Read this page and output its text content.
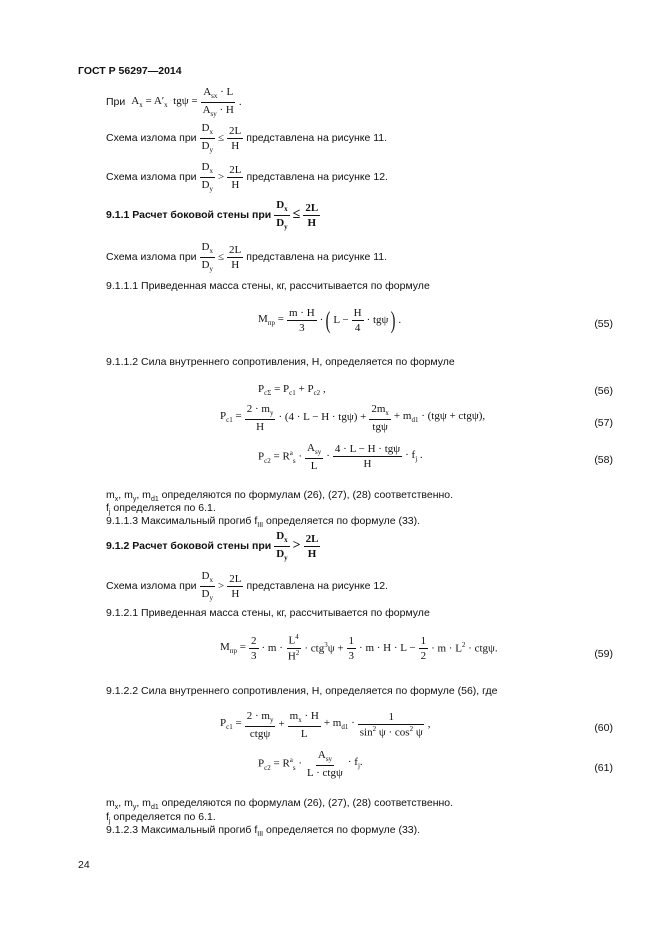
ГОСТ Р 56297—2014
При $A_x = A'_x$  tgψ =
$A_{sx} \cdot L$
$A_{sy} \cdot H$
.
Схема излома при $\frac{D_x}{D_y} \le \frac{2L}{H}$ представлена на рисунке 11.
Схема излома при
$D_x$
$D_y$
>
2L
H
представлена на рисунке 12.
9.1.1 Расчет боковой стены при $\frac{D_x}{D_y} \le \frac{2L}{H}$
Схема излома при $\frac{D_x}{D_y} \le \frac{2L}{H}$ представлена на рисунке 11.
9.1.1.1 Приведенная масса стены, кг, рассчитывается по формуле
$M_{пр} = \frac{m \cdot H}{3}$ · ( $L - \frac{H}{4} \cdot tg\psi$ ) .	(55)
9.1.1.2 Сила внутреннего сопротивления, Н, определяется по формуле
$P_{c\Sigma} = P_{c1} + P_{c2}$ ,	(56)
$P_{c1} = \frac{2 \cdot m_y}{H} \cdot (4 \cdot L - H \cdot tg\psi)$ +
$2m_x$
tgψ
+ $m_{d1} \cdot (tg\psi + ctg\psi)$,
(57)
$P_{c2} = R^a_s$ ·
$A_{sy}$
L
·
4 · L − H · tgψ
H
· $f_j$ .	(58)
$m_x$, $m_y$, $m_{d1}$ определяются по формулам (26), (27), (28) соответственно.
$f_j$ определяется по 6.1.
9.1.1.3 Максимальный прогиб $f_{III}$ определяется по формуле (33).
9.1.2 Расчет боковой стены при
$D_x$
$D_y$
> 2L
H
Схема излома при
$D_x$
$D_y$
>
2L
H
представлена на рисунке 12.
9.1.2.1 Приведенная масса стены, кг, рассчитывается по формуле
$M_{пр} = \frac{2}{3} \cdot m$ ·
$L^4$
$H^2 \cdot ctg^3\psi + \frac{1}{3} \cdot m \cdot H \cdot L - \frac{1}{2} \cdot m \cdot L^2 \cdot ctg\psi$.	(59)
9.1.2.2 Сила внутреннего сопротивления, Н, определяется по формуле (56), где
$P_{c1}$ =
$2 \cdot m_y$
ctgψ
+ $\frac{m_x \cdot H}{L} + m_{d1}$ ·
1
$\sin^2 \psi \cdot \cos^2 \psi$
,	(60)
$P_{c2} = R^a_s$ ·
$A_{sy}$
L · ctgψ
· $f_j$.	(61)
$m_x$, $m_y$, $m_{d1}$ определяются по формулам (26), (27), (28) соответственно.
$f_j$ определяется по 6.1.
9.1.2.3 Максимальный прогиб $f_{III}$ определяется по формуле (33).
24
